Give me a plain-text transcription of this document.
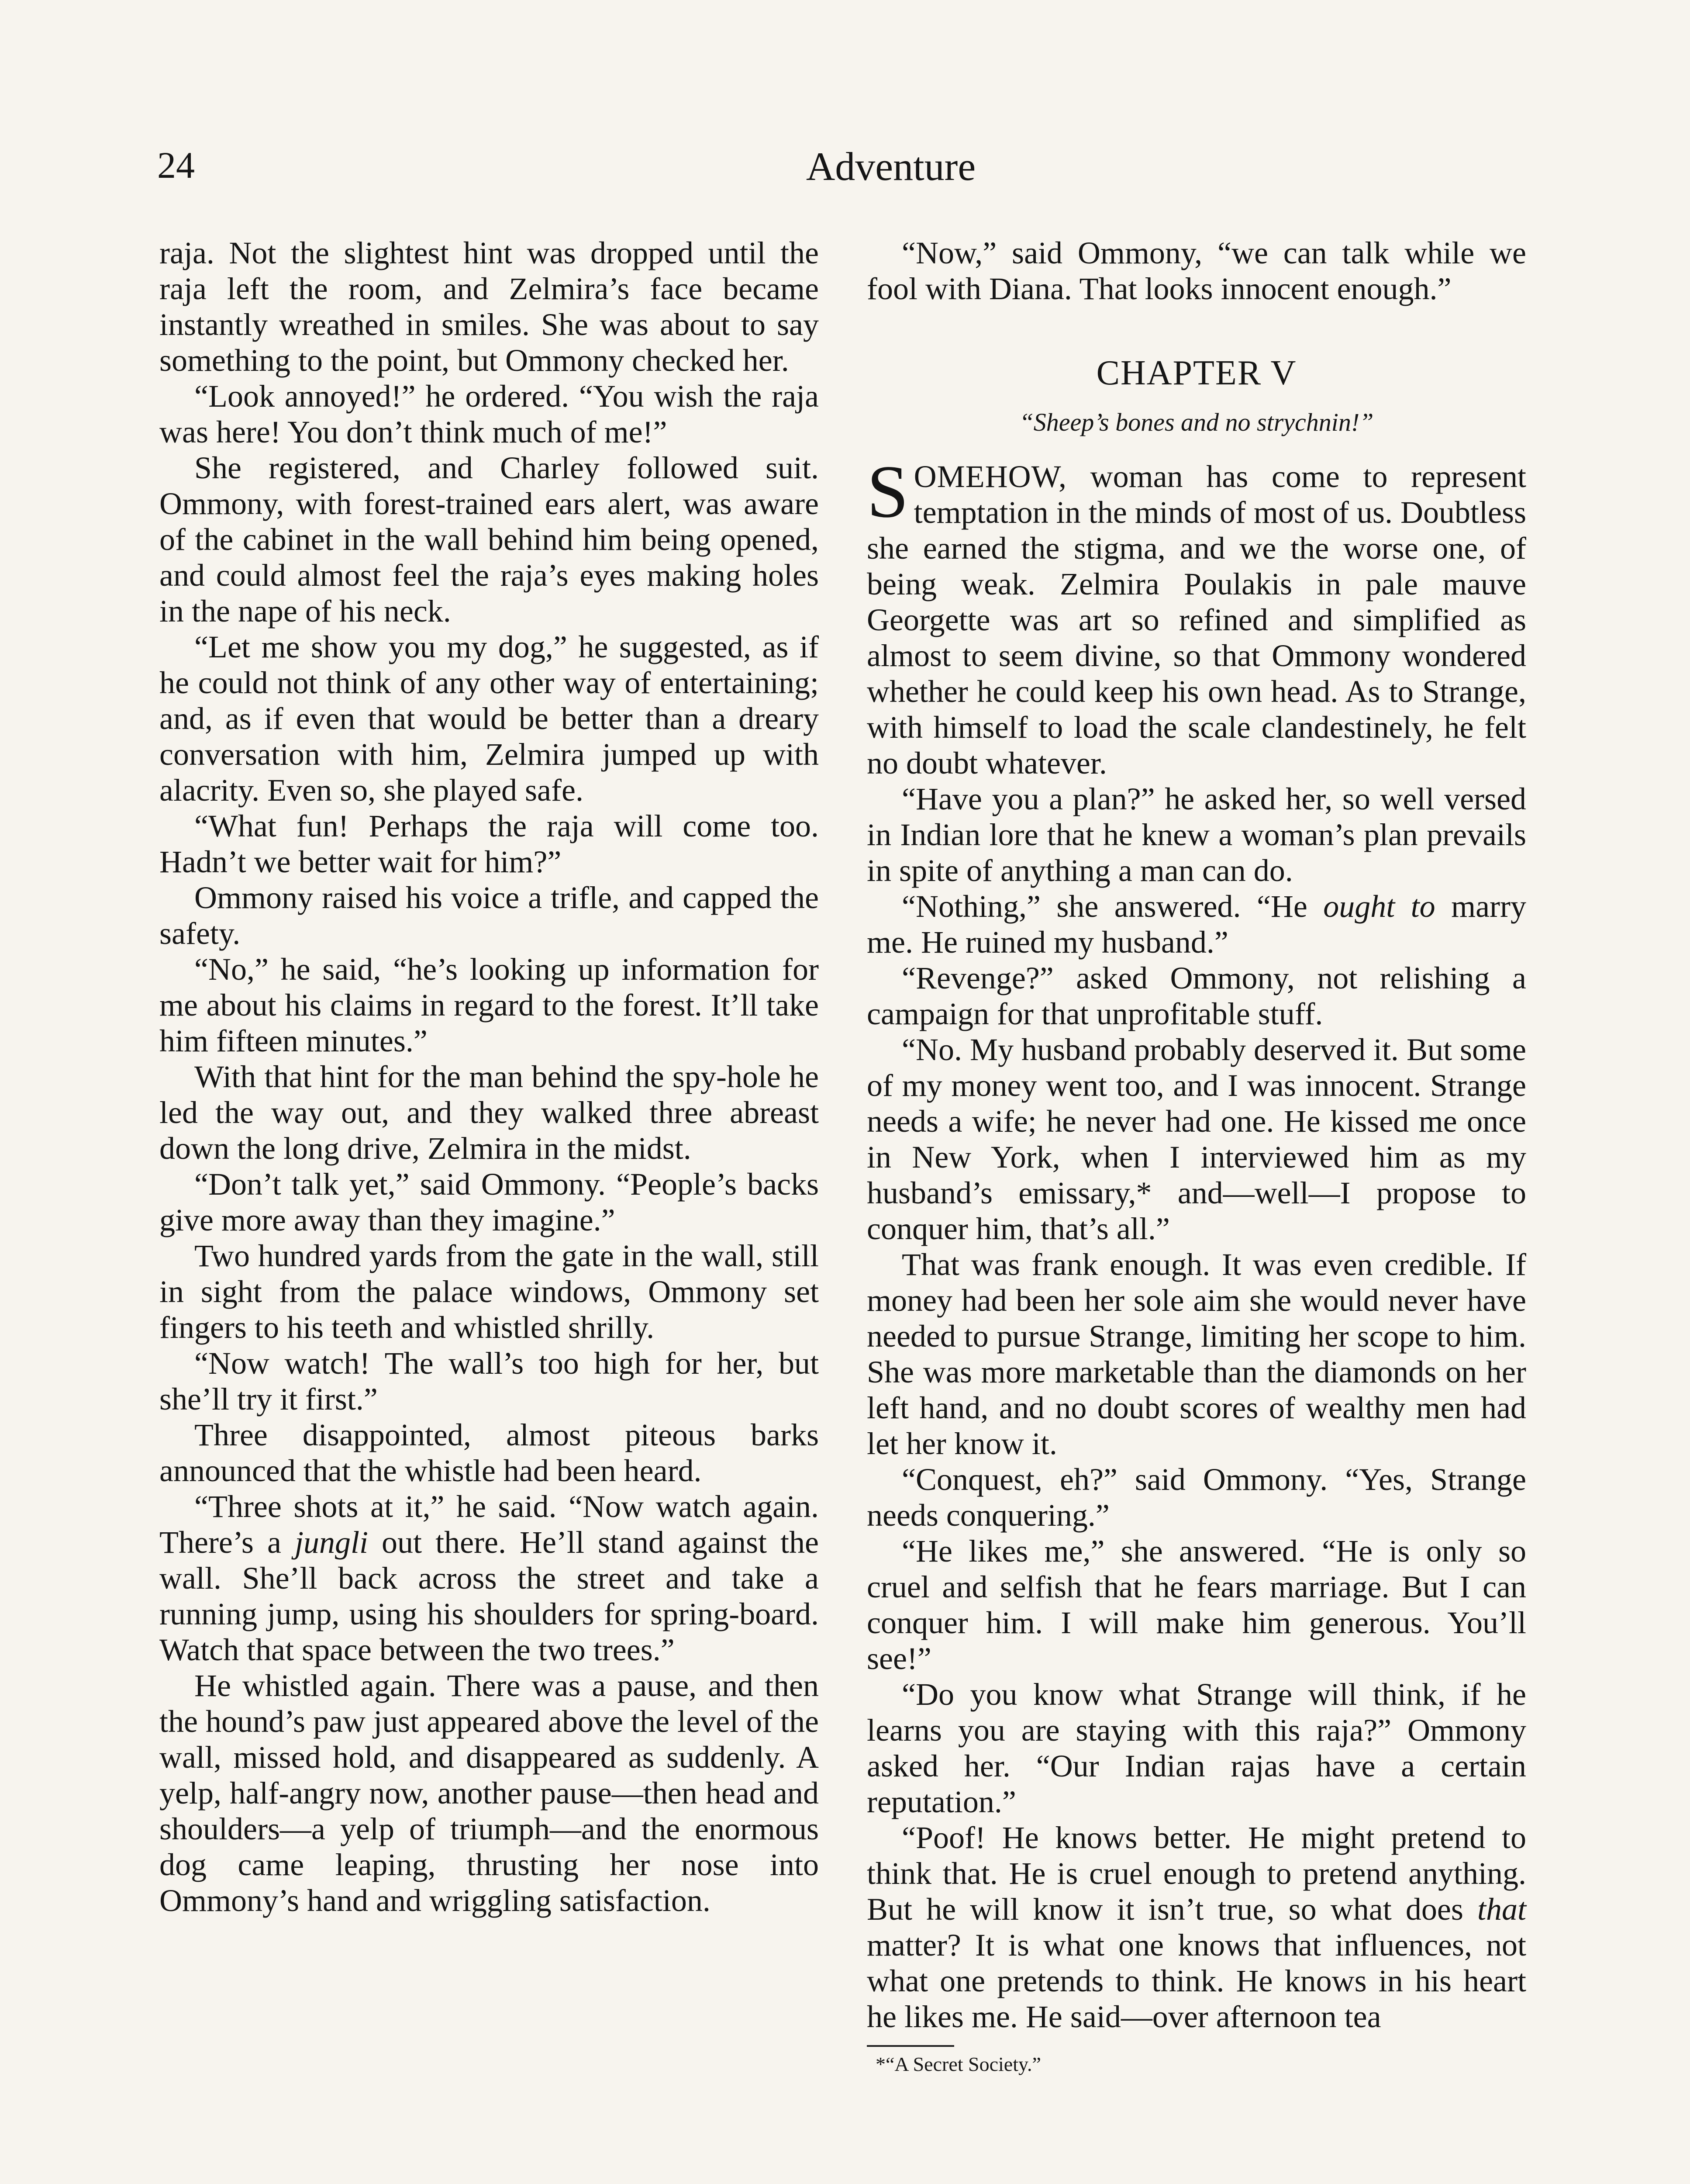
24	Adventure

raja. Not the slightest hint was dropped until the raja left the room, and Zelmira’s face became instantly wreathed in smiles. She was about to say something to the point, but Ommony checked her.

“Look annoyed!” he ordered. “You wish the raja was here! You don’t think much of me!”

She registered, and Charley followed suit. Ommony, with forest-trained ears alert, was aware of the cabinet in the wall behind him being opened, and could almost feel the raja’s eyes making holes in the nape of his neck.

“Let me show you my dog,” he suggested, as if he could not think of any other way of entertaining; and, as if even that would be better than a dreary conversation with him, Zelmira jumped up with alacrity. Even so, she played safe.

“What fun! Perhaps the raja will come too. Hadn’t we better wait for him?”

Ommony raised his voice a trifle, and capped the safety.

“No,” he said, “he’s looking up information for me about his claims in regard to the forest. It’ll take him fifteen minutes.”

With that hint for the man behind the spy-hole he led the way out, and they walked three abreast down the long drive, Zelmira in the midst.

“Don’t talk yet,” said Ommony. “People’s backs give more away than they imagine.”

Two hundred yards from the gate in the wall, still in sight from the palace windows, Ommony set fingers to his teeth and whistled shrilly.

“Now watch! The wall’s too high for her, but she’ll try it first.”

Three disappointed, almost piteous barks announced that the whistle had been heard.

“Three shots at it,” he said. “Now watch again. There’s a jungli out there. He’ll stand against the wall. She’ll back across the street and take a running jump, using his shoulders for spring-board. Watch that space between the two trees.”

He whistled again. There was a pause, and then the hound’s paw just appeared above the level of the wall, missed hold, and disappeared as suddenly. A yelp, half-angry now, another pause—then head and shoulders—a yelp of triumph—and the enormous dog came leaping, thrusting her nose into Ommony’s hand and wriggling satisfaction.

“Now,” said Ommony, “we can talk while we fool with Diana. That looks innocent enough.”

CHAPTER V
“Sheep’s bones and no strychnin!”

SOMEHOW, woman has come to represent temptation in the minds of most of us. Doubtless she earned the stigma, and we the worse one, of being weak. Zelmira Poulakis in pale mauve Georgette was art so refined and simplified as almost to seem divine, so that Ommony wondered whether he could keep his own head. As to Strange, with himself to load the scale clandestinely, he felt no doubt whatever.

“Have you a plan?” he asked her, so well versed in Indian lore that he knew a woman’s plan prevails in spite of anything a man can do.

“Nothing,” she answered. “He ought to marry me. He ruined my husband.”

“Revenge?” asked Ommony, not relishing a campaign for that unprofitable stuff.

“No. My husband probably deserved it. But some of my money went too, and I was innocent. Strange needs a wife; he never had one. He kissed me once in New York, when I interviewed him as my husband’s emissary,* and—well—I propose to conquer him, that’s all.”

That was frank enough. It was even credible. If money had been her sole aim she would never have needed to pursue Strange, limiting her scope to him. She was more marketable than the diamonds on her left hand, and no doubt scores of wealthy men had let her know it.

“Conquest, eh?” said Ommony. “Yes, Strange needs conquering.”

“He likes me,” she answered. “He is only so cruel and selfish that he fears marriage. But I can conquer him. I will make him generous. You’ll see!”

“Do you know what Strange will think, if he learns you are staying with this raja?” Ommony asked her. “Our Indian rajas have a certain reputation.”

“Poof! He knows better. He might pretend to think that. He is cruel enough to pretend anything. But he will know it isn’t true, so what does that matter? It is what one knows that influences, not what one pretends to think. He knows in his heart he likes me. He said—over afternoon tea

*“A Secret Society.”
